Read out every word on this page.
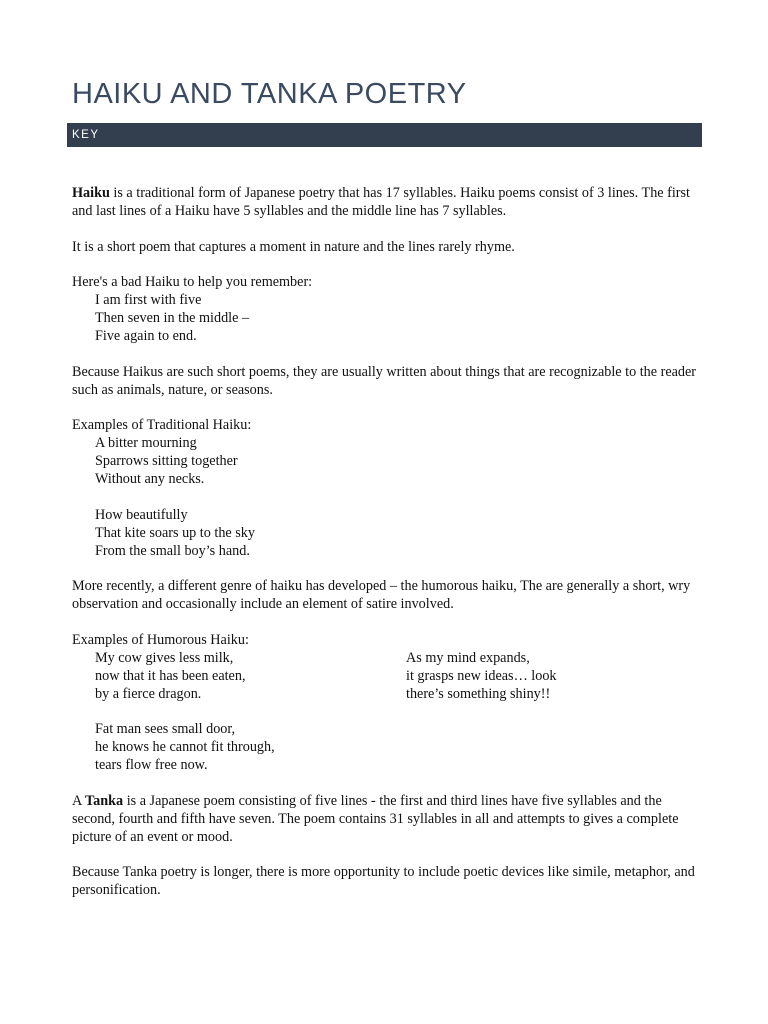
HAIKU AND TANKA POETRY
KEY

Haiku is a traditional form of Japanese poetry that has 17 syllables. Haiku poems consist of 3 lines. The first and last lines of a Haiku have 5 syllables and the middle line has 7 syllables.

It is a short poem that captures a moment in nature and the lines rarely rhyme.

Here's a bad Haiku to help you remember:
I am first with five
Then seven in the middle –
Five again to end.

Because Haikus are such short poems, they are usually written about things that are recognizable to the reader such as animals, nature, or seasons.

Examples of Traditional Haiku:
A bitter mourning
Sparrows sitting together
Without any necks.
How beautifully
That kite soars up to the sky
From the small boy’s hand.

More recently, a different genre of haiku has developed – the humorous haiku, The are generally a short, wry observation and occasionally include an element of satire involved.

Examples of Humorous Haiku:
My cow gives less milk,
now that it has been eaten,
by a fierce dragon.
Fat man sees small door,
he knows he cannot fit through,
tears flow free now.
As my mind expands,
it grasps new ideas… look
there’s something shiny!!

A Tanka is a Japanese poem consisting of five lines - the first and third lines have five syllables and the second, fourth and fifth have seven. The poem contains 31 syllables in all and attempts to gives a complete picture of an event or mood.

Because Tanka poetry is longer, there is more opportunity to include poetic devices like simile, metaphor, and personification.
